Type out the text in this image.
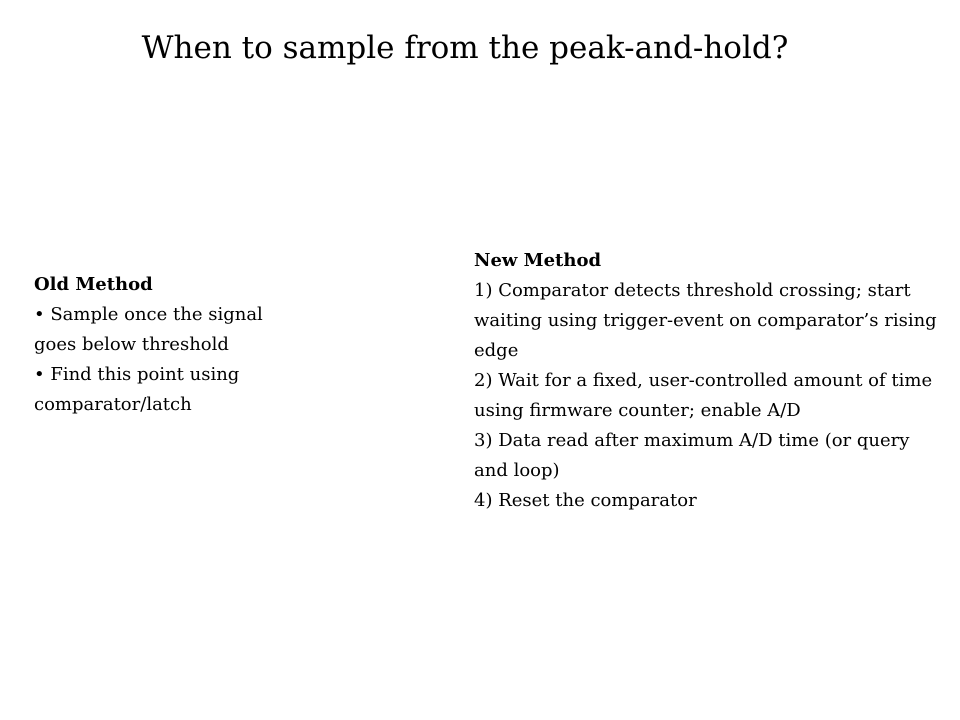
When to sample from the peak-and-hold?
Old Method
• Sample once the signal goes below threshold
• Find this point using comparator/latch
New Method
1) Comparator detects threshold crossing; start waiting using trigger-event on comparator’s rising edge
2) Wait for a fixed, user-controlled amount of time using firmware counter; enable A/D
3) Data read after maximum A/D time (or query and loop)
4) Reset the comparator
